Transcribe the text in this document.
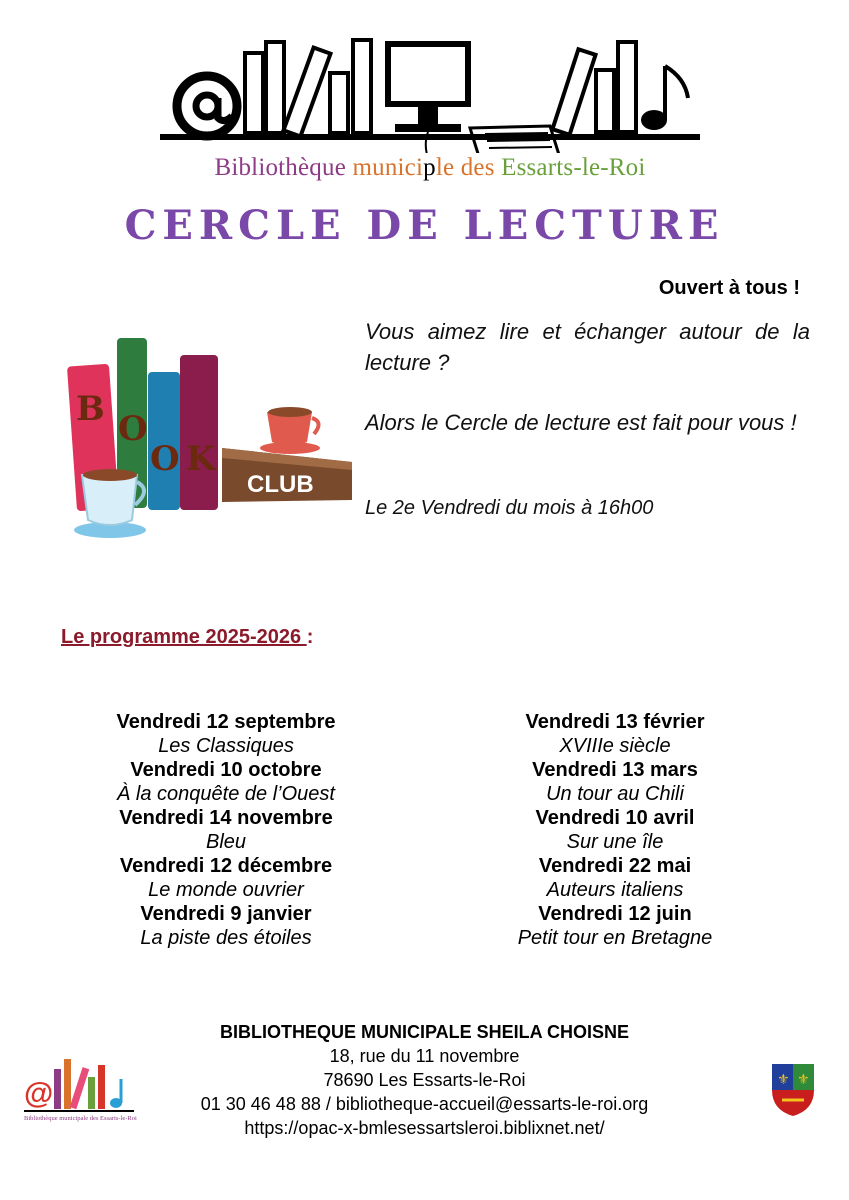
Bibliothèque municiple des Essarts-le-Roi
CERCLE DE LECTURE
Ouvert à tous !
Vous aimez lire et échanger autour de la lecture ?
Alors le Cercle de lecture est fait pour vous !
Le 2e Vendredi du mois à 16h00
B O
O K
CLUB
Le programme 2025-2026 :
Vendredi 12 septembre
Les Classiques
Vendredi 10 octobre
À la conquête de l’Ouest
Vendredi 14 novembre
Bleu
Vendredi 12 décembre
Le monde ouvrier
Vendredi 9 janvier
La piste des étoiles
Vendredi 13 février
XVIIIe siècle
Vendredi 13 mars
Un tour au Chili
Vendredi 10 avril
Sur une île
Vendredi 22 mai
Auteurs italiens
Vendredi 12 juin
Petit tour en Bretagne
BIBLIOTHEQUE MUNICIPALE SHEILA CHOISNE
18, rue du 11 novembre
78690 Les Essarts-le-Roi
01 30 46 48 88 / bibliotheque-accueil@essarts-le-roi.org
https://opac-x-bmlesessartsleroi.biblixnet.net/
@
Bibliothèque municipale des Essarts-le-Roi
⚜ ⚜
